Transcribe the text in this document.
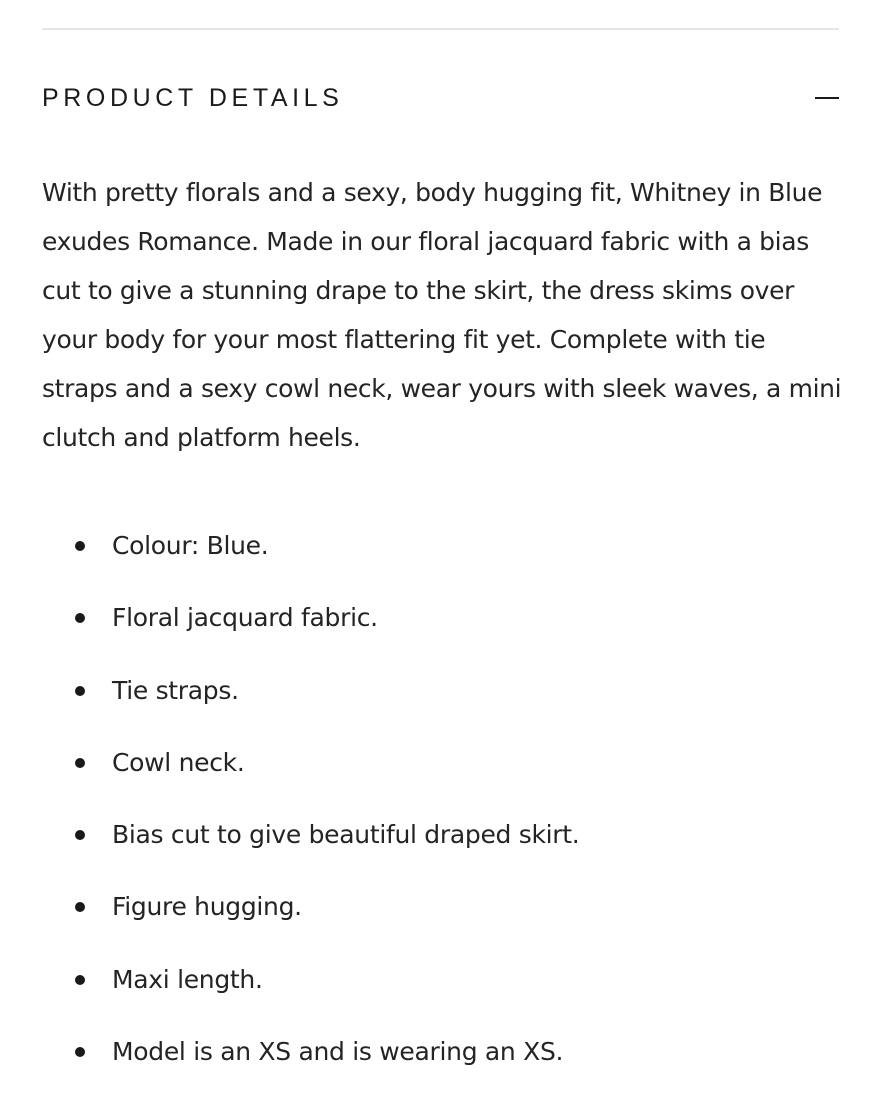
PRODUCT DETAILS

With pretty florals and a sexy, body hugging fit, Whitney in Blue exudes Romance. Made in our floral jacquard fabric with a bias cut to give a stunning drape to the skirt, the dress skims over your body for your most flattering fit yet. Complete with tie straps and a sexy cowl neck, wear yours with sleek waves, a mini clutch and platform heels.

Colour: Blue.
Floral jacquard fabric.
Tie straps.
Cowl neck.
Bias cut to give beautiful draped skirt.
Figure hugging.
Maxi length.
Model is an XS and is wearing an XS.
